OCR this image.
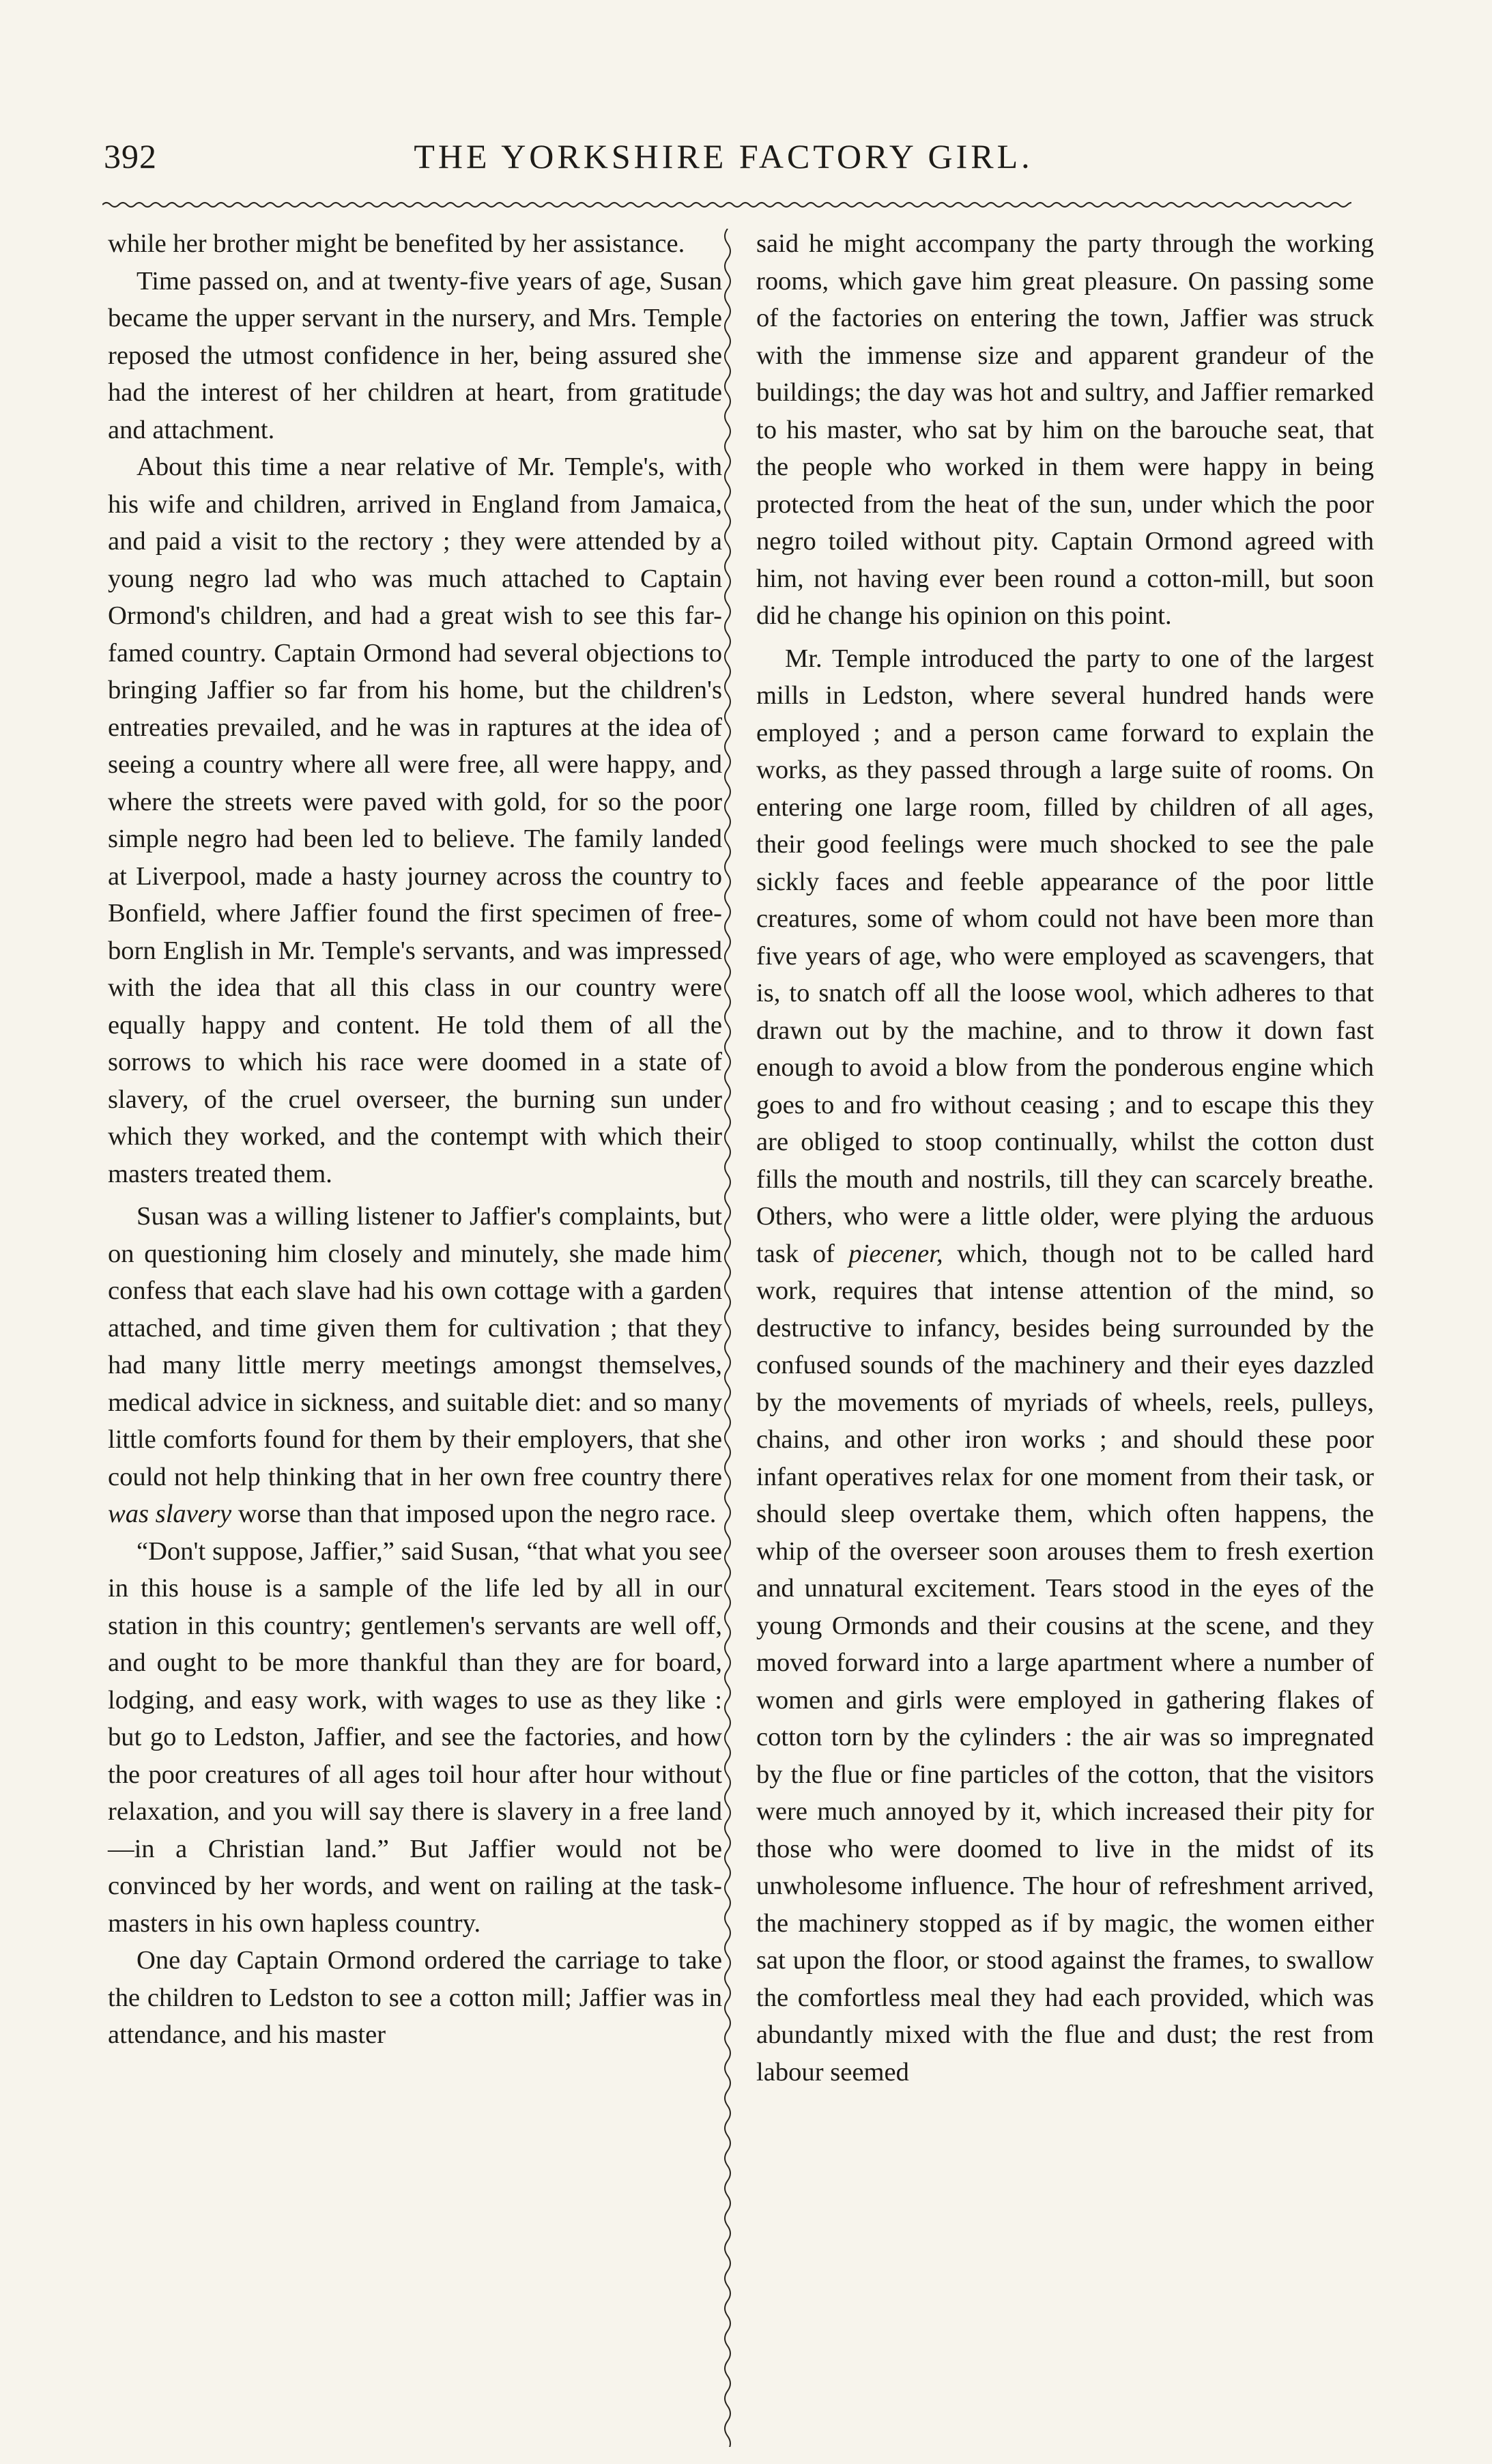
392	THE YORKSHIRE FACTORY GIRL.

while her brother might be benefited by her assistance.

Time passed on, and at twenty-five years of age, Susan became the upper servant in the nursery, and Mrs. Temple reposed the utmost confidence in her, being assured she had the interest of her children at heart, from gratitude and attachment.

About this time a near relative of Mr. Temple's, with his wife and children, arrived in England from Jamaica, and paid a visit to the rectory ; they were attended by a young negro lad who was much attached to Captain Ormond's children, and had a great wish to see this far-famed country. Captain Ormond had several objections to bringing Jaffier so far from his home, but the children's entreaties prevailed, and he was in raptures at the idea of seeing a country where all were free, all were happy, and where the streets were paved with gold, for so the poor simple negro had been led to believe. The family landed at Liverpool, made a hasty journey across the country to Bonfield, where Jaffier found the first specimen of free-born English in Mr. Temple's servants, and was impressed with the idea that all this class in our country were equally happy and content. He told them of all the sorrows to which his race were doomed in a state of slavery, of the cruel overseer, the burning sun under which they worked, and the contempt with which their masters treated them.

Susan was a willing listener to Jaffier's complaints, but on questioning him closely and minutely, she made him confess that each slave had his own cottage with a garden attached, and time given them for cultivation ; that they had many little merry meetings amongst themselves, medical advice in sickness, and suitable diet: and so many little comforts found for them by their employers, that she could not help thinking that in her own free country there was slavery worse than that imposed upon the negro race.

“Don't suppose, Jaffier,” said Susan, “that what you see in this house is a sample of the life led by all in our station in this country; gentlemen's servants are well off, and ought to be more thankful than they are for board, lodging, and easy work, with wages to use as they like : but go to Ledston, Jaffier, and see the factories, and how the poor creatures of all ages toil hour after hour without relaxation, and you will say there is slavery in a free land—in a Christian land.” But Jaffier would not be convinced by her words, and went on railing at the task-masters in his own hapless country.

One day Captain Ormond ordered the carriage to take the children to Ledston to see a cotton mill; Jaffier was in attendance, and his master

said he might accompany the party through the working rooms, which gave him great pleasure. On passing some of the factories on entering the town, Jaffier was struck with the immense size and apparent grandeur of the buildings; the day was hot and sultry, and Jaffier remarked to his master, who sat by him on the barouche seat, that the people who worked in them were happy in being protected from the heat of the sun, under which the poor negro toiled without pity. Captain Ormond agreed with him, not having ever been round a cotton-mill, but soon did he change his opinion on this point.

Mr. Temple introduced the party to one of the largest mills in Ledston, where several hundred hands were employed ; and a person came forward to explain the works, as they passed through a large suite of rooms. On entering one large room, filled by children of all ages, their good feelings were much shocked to see the pale sickly faces and feeble appearance of the poor little creatures, some of whom could not have been more than five years of age, who were employed as scavengers, that is, to snatch off all the loose wool, which adheres to that drawn out by the machine, and to throw it down fast enough to avoid a blow from the ponderous engine which goes to and fro without ceasing ; and to escape this they are obliged to stoop continually, whilst the cotton dust fills the mouth and nostrils, till they can scarcely breathe. Others, who were a little older, were plying the arduous task of piecener, which, though not to be called hard work, requires that intense attention of the mind, so destructive to infancy, besides being surrounded by the confused sounds of the machinery and their eyes dazzled by the movements of myriads of wheels, reels, pulleys, chains, and other iron works ; and should these poor infant operatives relax for one moment from their task, or should sleep overtake them, which often happens, the whip of the overseer soon arouses them to fresh exertion and unnatural excitement. Tears stood in the eyes of the young Ormonds and their cousins at the scene, and they moved forward into a large apartment where a number of women and girls were employed in gathering flakes of cotton torn by the cylinders : the air was so impregnated by the flue or fine particles of the cotton, that the visitors were much annoyed by it, which increased their pity for those who were doomed to live in the midst of its unwholesome influence. The hour of refreshment arrived, the machinery stopped as if by magic, the women either sat upon the floor, or stood against the frames, to swallow the comfortless meal they had each provided, which was abundantly mixed with the flue and dust; the rest from labour seemed
